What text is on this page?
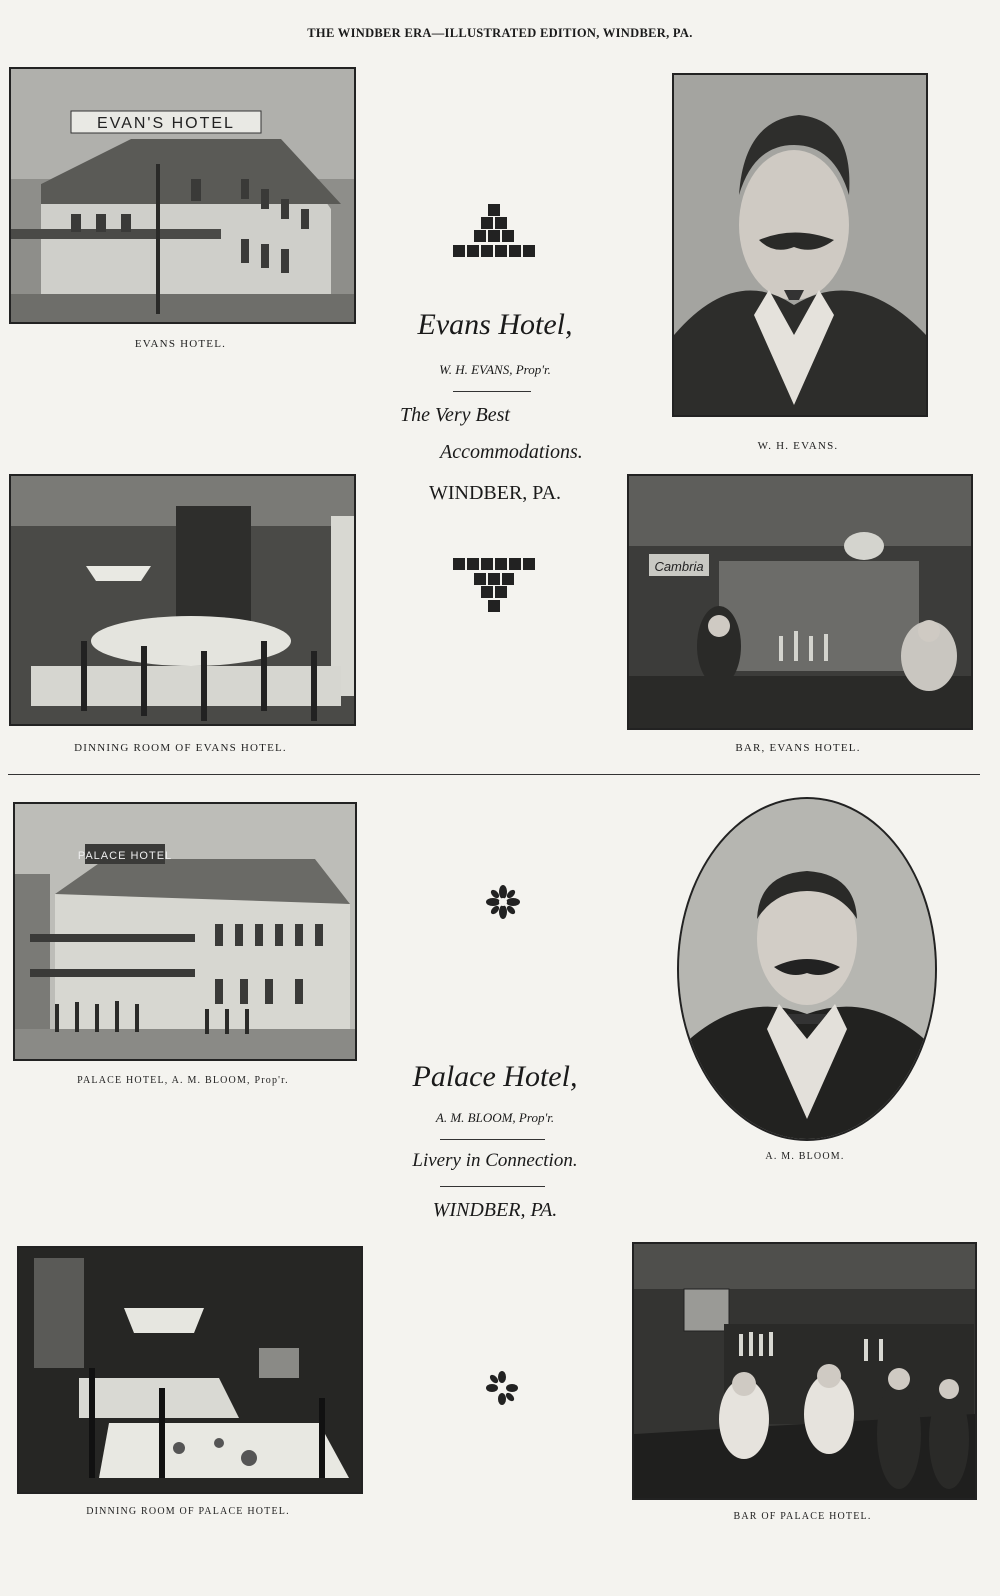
THE WINDBER ERA—ILLUSTRATED EDITION, WINDBER, PA.
EVAN'S HOTEL
EVANS HOTEL.
W. H. EVANS.
DINNING ROOM OF EVANS HOTEL.
Cambria
BAR, EVANS HOTEL.
Evans Hotel,
W. H. EVANS, Prop'r.
The Very Best
Accommodations.
WINDBER, PA.
PALACE HOTEL
PALACE HOTEL, A. M. BLOOM, Prop'r.
A. M. BLOOM.
Palace Hotel,
A. M. BLOOM, Prop'r.
Livery in Connection.
WINDBER, PA.
DINNING ROOM OF PALACE HOTEL.	BAR OF PALACE HOTEL.
